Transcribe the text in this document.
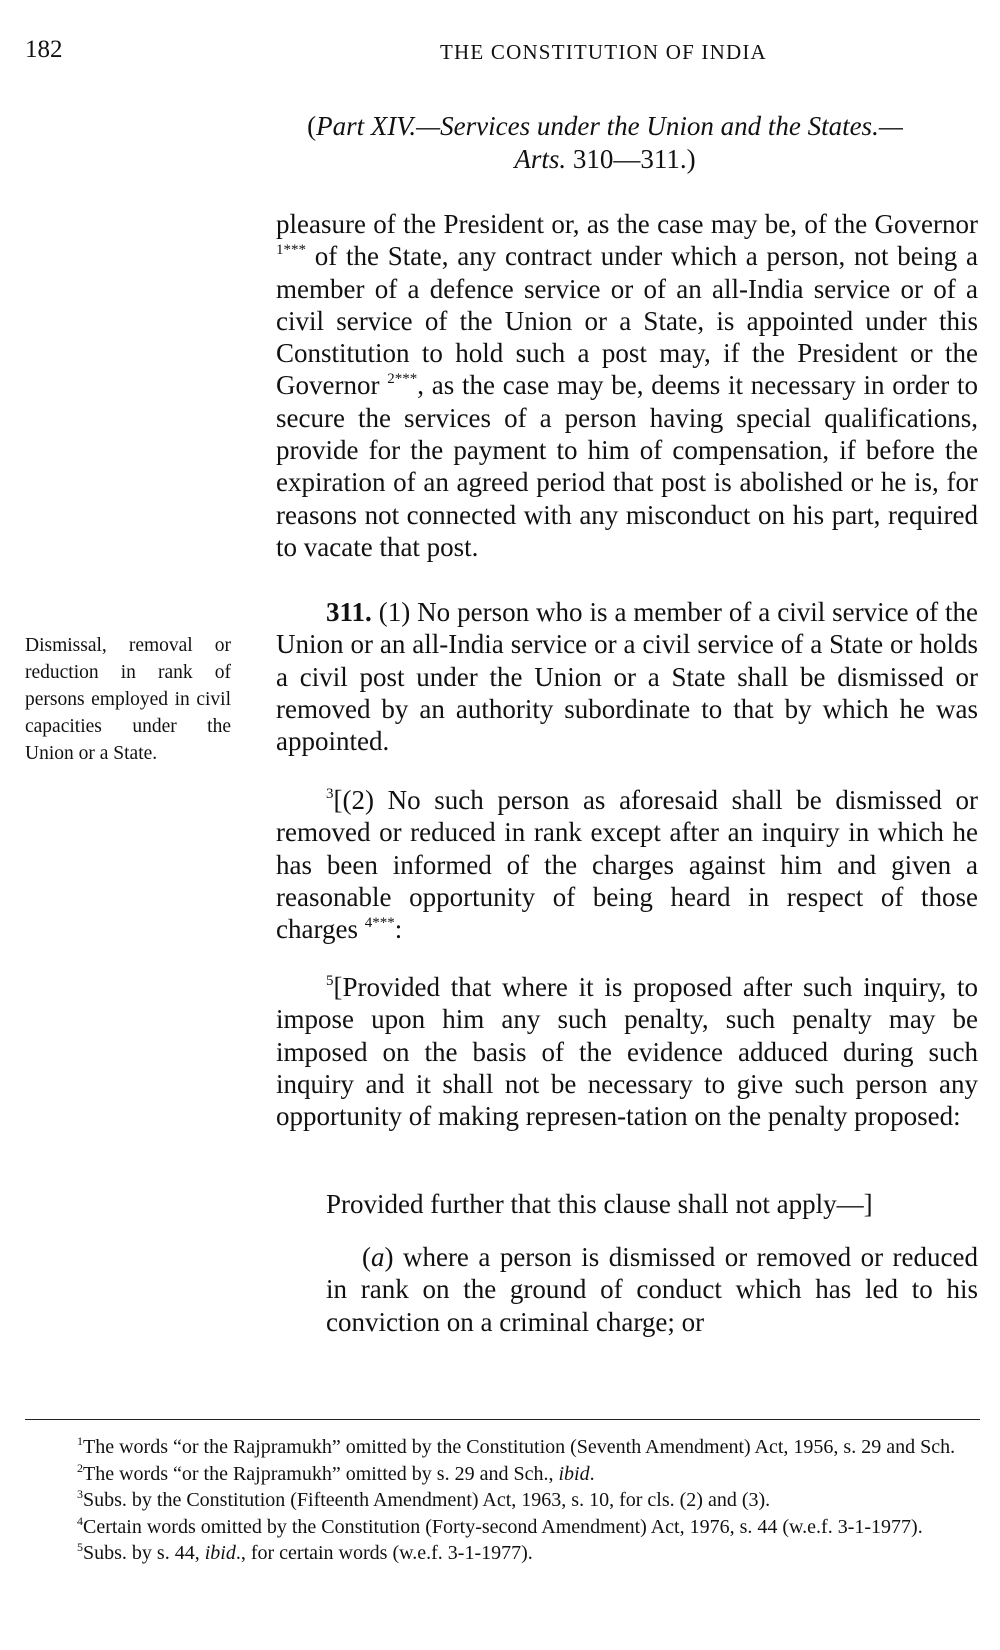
182	THE CONSTITUTION OF INDIA
(Part XIV.—Services under the Union and the States.—
Arts. 310—311.)

pleasure of the President or, as the case may be, of the Governor $^{1***}$ of the State, any contract under which a person, not being a member of a defence service or of an all-India service or of a civil service of the Union or a State, is appointed under this Constitution to hold such a post may, if the President or the Governor $^{2***}$, as the case may be, deems it necessary in order to secure the services of a person having special qualifications, provide for the payment to him of compensation, if before the expiration of an agreed period that post is abolished or he is, for reasons not connected with any misconduct on his part, required to vacate that post.

Dismissal, removal or reduction in rank of persons employed in civil capacities under the Union or a State.

311. (1) No person who is a member of a civil service of the Union or an all-India service or a civil service of a State or holds a civil post under the Union or a State shall be dismissed or removed by an authority subordinate to that by which he was appointed.

$^3$[(2) No such person as aforesaid shall be dismissed or removed or reduced in rank except after an inquiry in which he has been informed of the charges against him and given a reasonable opportunity of being heard in respect of those charges $^{4***}$:

$^5$[Provided that where it is proposed after such inquiry, to impose upon him any such penalty, such penalty may be imposed on the basis of the evidence adduced during such inquiry and it shall not be necessary to give such person any opportunity of making represen-tation on the penalty proposed:

Provided further that this clause shall not apply—]

(a) where a person is dismissed or removed or reduced in rank on the ground of conduct which has led to his conviction on a criminal charge; or

$^1$The words “or the Rajpramukh” omitted by the Constitution (Seventh Amendment) Act, 1956, s. 29 and Sch.

$^2$The words “or the Rajpramukh” omitted by s. 29 and Sch., ibid.

$^3$Subs. by the Constitution (Fifteenth Amendment) Act, 1963, s. 10, for cls. (2) and (3).

$^4$Certain words omitted by the Constitution (Forty-second Amendment) Act, 1976, s. 44 (w.e.f. 3-1-1977).

$^5$Subs. by s. 44, ibid., for certain words (w.e.f. 3-1-1977).
